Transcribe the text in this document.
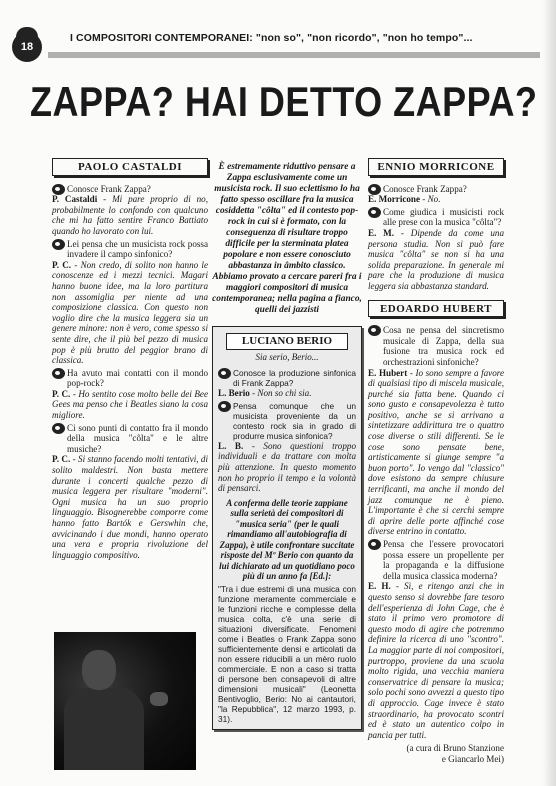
18
I COMPOSITORI CONTEMPORANEI: "non so", "non ricordo", "non ho tempo"...
ZAPPA? HAI DETTO ZAPPA?
PAOLO CASTALDI
Conosce Frank Zappa?
P. Castaldi - Mi pare proprio di no, probabilmente lo confondo con qualcuno che mi ha fatto sentire Franco Battiato quando ho lavorato con lui.
Lei pensa che un musicista rock possa invadere il campo sinfonico?
P. C. - Non credo, di solito non hanno le conoscenze ed i mezzi tecnici. Magari hanno buone idee, ma la loro partitura non assomiglia per niente ad una composizione classica. Con questo non voglio dire che la musica leggera sia un genere minore: non è vero, come spesso si sente dire, che il più bel pezzo di musica pop è più brutto del peggior brano di classica.
Ha avuto mai contatti con il mondo pop-rock?
P. C. - Ho sentito cose molto belle dei Bee Gees ma penso che i Beatles siano la cosa migliore.
Ci sono punti di contatto fra il mondo della musica "côlta" e le altre musiche?
P. C. - Si stanno facendo molti tentativi, di solito maldestri. Non basta mettere durante i concerti qualche pezzo di musica leggera per risultare "moderni". Ogni musica ha un suo proprio linguaggio. Bisognerebbe comporre come hanno fatto Bartók e Gerswhin che, avvicinando i due mondi, hanno operato una vera e propria rivoluzione del linguaggio compositivo.
È estremamente riduttivo pensare a Zappa esclusivamente come un musicista rock. Il suo eclettismo lo ha fatto spesso oscillare fra la musica cosiddetta "côlta" ed il contesto pop-rock in cui si è formato, con la conseguenza di risultare troppo difficile per la sterminata platea popolare e non essere conosciuto abbastanza in âmbito classico. Abbiamo provato a cercare pareri fra i maggiori compositori di musica contemporanea; nella pagina a fianco, quelli dei jazzisti
LUCIANO BERIO
Sia serio, Berio...
Conosce la produzione sinfonica di Frank Zappa?
L. Berio - Non so chi sia.
Pensa comunque che un musicista proveniente da un contesto rock sia in grado di produrre musica sinfonica?
L. B. - Sono questioni troppo individuali e da trattare con molta più attenzione. In questo momento non ho proprio il tempo e la volontà di pensarci.
A conferma delle teorie zappiane sulla serietà dei compositori di "musica seria" (per le quali rimandiamo all'autobiografia di Zappa), è utile confrontare succitate risposte del Mº Berio con quanto da lui dichiarato ad un quotidiano poco più di un anno fa [Ed.]:
"Tra i due estremi di una musica con funzione meramente commerciale e le funzioni ricche e complesse della musica colta, c'è una serie di situazioni diversificate. Fenomeni come i Beatles o Frank Zappa sono sufficientemente densi e articolati da non essere riducibili a un mèro ruolo commerciale. E non a caso si tratta di persone ben consapevoli di altre dimensioni musicali" (Leonetta Bentivoglio, Berio: No ai cantautori, "la Repubblica", 12 marzo 1993, p. 31).
ENNIO MORRICONE
Conosce Frank Zappa?
E. Morricone - No.
Come giudica i musicisti rock alle prese con la musica "côlta"?
E. M. - Dipende da come una persona studia. Non si può fare musica "côlta" se non si ha una solida preparazione. In generale mi pare che la produzione di musica leggera sia abbastanza standard.
EDOARDO HUBERT
Cosa ne pensa del sincretismo musicale di Zappa, della sua fusione tra musica rock ed orchestrazioni sinfoniche?
E. Hubert - Io sono sempre a favore di qualsiasi tipo di miscela musicale, purché sia fatta bene. Quando ci sono gusto e consapevolezza è tutto positivo, anche se si arrivano a sintetizzare addirittura tre o quattro cose diverse o stili differenti. Se le cose sono pensate bene, artisticamente si giunge sempre "a buon porto". Io vengo dal "classico" dove esistono da sempre chiusure terrificanti, ma anche il mondo del jazz comunque ne è pieno. L'importante è che si cerchi sempre di aprire delle porte affinché cose diverse entrino in contatto.
Pensa che l'essere provocatori possa essere un propellente per la propaganda e la diffusione della musica classica moderna?
E. H. - Sì, e ritengo anzi che in questo senso si dovrebbe fare tesoro dell'esperienza di John Cage, che è stato il primo vero promotore di questo modo di agire che potremmo definire la ricerca di uno "scontro". La maggior parte di noi compositori, purtroppo, proviene da una scuola molto rigida, una vecchia maniera conservatrice di pensare la musica; solo pochi sono avvezzi a questo tipo di approccio. Cage invece è stato straordinario, ha provocato scontri ed è stato un autentico colpo in pancia per tutti.
(a cura di Bruno Stanzione
e Giancarlo Mei)
